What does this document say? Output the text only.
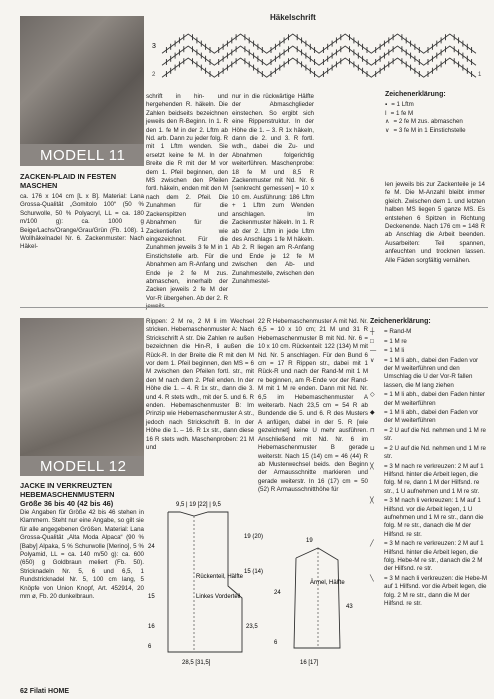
MODELL 11
Häkelschrift
3
1
2
schrift in hin- und hergehenden R. häkeln. Die Zahlen beidseits bezeichnen jeweils den R-Beginn. In 1. R den 1. fe M in der 2. Lftm ab Nd. arb. Dann zu jeder folg. R mit 1 Lftm wenden. Sie ersetzt keine fe M. In der Breite die R mit der M vor dem 1. Pfeil beginnen, den MS zwischen den Pfeilen fortl. häkeln, enden mit den M nach dem 2. Pfeil. Die Zunahmen für die Zackenspitzen und Abnahmen für die Zackentiefen wie eingezeichnet. Für die Zunahmen jeweils 3 fe M in 1 Einstichstelle arb. Für die Abnahmen am R-Anfang und Ende je 2 fe M zus. abmaschen, innerhalb der Zacken jeweils 2 fe M der Vor-R übergehen. Ab der 2. R
nur in die rückwärtige Hälfte der Abmaschglieder einstechen. So ergibt sich eine Rippenstruktur. In der Höhe die 1. – 3. R 1x häkeln, dann die 2. und 3. R fortl. wdh., dabei die Zu- und Abnahmen folgerichtig weiterführen. Maschenprobe: 18 fe M und 8,5 R Zackenmuster mit Nd. Nr. 6 [senkrecht gemessen] = 10 x 10 cm. Ausführung: 186 Lftm + 1 Lftm zum Wenden anschlagen. Im Zackenmuster häkeln. In 1. R ab der 2. Lftm in jede Lftm des Anschlags 1 fe M häkeln. Ab 2. R liegen am R-Anfang und Ende je 12 fe M zwischen den Ab- und Zunahmestelle, zwischen den Zunahmestel-
Zeichenerklärung:
▪ = 1 Lftm
ǀ = 1 fe M
∧ = 2 fe M zus. abmaschen
∨ = 3 fe M in 1 Einstichstelle
len jeweils bis zur Zackenteile je 14 fe M. Die M-Anzahl bleibt immer gleich. Zwischen dem 1. und letzten halben MS liegen 5 ganze MS. Es entstehen 6 Spitzen in Richtung Deckenende. Nach 176 cm = 148 R ab Anschlag die Arbeit beenden. Ausarbeiten: Teil spannen, anfeuchten und trocknen lassen. Alle Fäden sorgfältig vernähen.
ZACKEN-PLAID IN FESTEN MASCHEN
ca. 176 x 104 cm [L x B]. Material: Lana Grossa-Qualität „Gomitolo 100“ (50 % Schurwolle, 50 % Polyacryl, LL = ca. 180 m/100 g): ca. 1000 g Beige/Lachs/Orange/Grau/Grün (Fb. 108). 1 Wollhäkelnadel Nr. 6. Zackenmuster: Nach Häkel-
MODELL 12
JACKE IN VERKREUZTEN HEBEMASCHENMUSTERN
Größe 36 bis 40 (42 bis 46)
Die Angaben für Größe 42 bis 46 stehen in Klammern. Steht nur eine Angabe, so gilt sie für alle angegebenen Größen. Material: Lana Grossa-Qualität „Alta Moda Alpaca“ (90 % [Baby] Alpaka, 5 % Schurwolle [Merino], 5 % Polyamid, LL = ca. 140 m/50 g): ca. 600 (650) g Goldbraun meliert (Fb. 50). Stricknadeln Nr. 5, 6 und 6,5, 1 Rundstricknadel Nr. 5, 100 cm lang, 5 Knöpfe von Union Knopf, Art. 452914, 20 mm ø, Fb. 20 dunkelbraun.
Rippen: 2 M re, 2 M li im Wechsel stricken. Hebemaschenmuster A: Nach Strickschrift A str. Die Zahlen re außen bezeichnen die Hin-R, li außen die Rück-R. In der Breite die R mit den M vor dem 1. Pfeil beginnen, den MS = 6 M zwischen den Pfeilen fortl. str., mit den M nach dem 2. Pfeil enden. In der Höhe die 1. – 4. R 1x str., dann die 3. und 4. R stets wdh., mit der 5. und 6. R enden. Hebemaschenmuster B: Im Prinzip wie Hebemaschenmuster A str., jedoch nach Strickschrift B. In der Höhe die 1. – 16. R 1x str., dann diese 16 R stets wdh. Maschenproben: 21 M und
22 R Hebemaschenmuster A mit Nd. Nr. 6,5 = 10 x 10 cm; 21 M und 31 R Hebemaschenmuster B mit Nd. Nr. 6 = 10 x 10 cm. Rückenteil: 122 (134) M mit Nd. Nr. 5 anschlagen. Für den Bund 6 cm = 17 R Rippen str., dabei mit 1 Rück-R und nach der Rand-M mit 1 M re beginnen, am R-Ende vor der Rand-M mit 1 M re enden. Dann mit Nd. Nr. 6,5 im Hebemaschenmuster A weiterarb. Nach 23,5 cm = 54 R ab Bundende die 5. und 6. R des Musters A anfügen, dabei in der 5. R [wie gezeichnet] keine U mehr ausführen. Anschließend mit Nd. Nr. 6 im Hebemaschenmuster B gerade weiterstr. Nach 15 (14) cm = 46 (44) R ab Musterwechsel beids. den Beginn der Armausschnitte markieren und gerade weiterstr. In 16 (17) cm = 50 (52) R Armausschnitthöhe für
9,5 | 19 [22] | 9,5
Rückenteil, Hälfte
Linkes Vorderteil
24
15
16
6
19 (20)
15 (14)
23,5
28,5 [31,5]
Ärmel, Hälfte
19
24
43
6
16 [17]
Zeichenerklärung:
┼	= Rand-M
□	= 1 M re
—	= 1 M li
∨	= 1 M li abh., dabei den Faden vor der M weiterführen und den Umschlag die U der Vor-R fallen lassen, die M lang ziehen
◇	= 1 M li abh., dabei den Faden hinter der M weiterführen
◆	= 1 M li abh., dabei den Faden vor der M weiterführen
⊓	= 2 U auf die Nd. nehmen und 1 M re str.
⊔	= 2 U auf die Nd. nehmen und 1 M re str.
╳	= 3 M nach re verkreuzen: 2 M auf 1 Hilfsnd. hinter die Arbeit legen, die folg. M re, dann 1 M der Hilfsnd. re str., 1 U aufnehmen und 1 M re str.
╳	= 3 M nach li verkreuzen: 1 M auf 1 Hilfsnd. vor die Arbeit legen, 1 U aufnehmen und 1 M re str., dann die folg. M re str., danach die M der Hilfsnd. re str.
╱	= 3 M nach re verkreuzen: 2 M auf 1 Hilfsnd. hinter die Arbeit legen, die folg. Hebe-M re str., danach die 2 M der Hilfsnd. re str.
╲	= 3 M nach li verkreuzen: die Hebe-M auf 1 Hilfsnd. vor die Arbeit legen, die folg. 2 M re str., dann die M der Hilfsnd. re str.
62 Filati HOME
